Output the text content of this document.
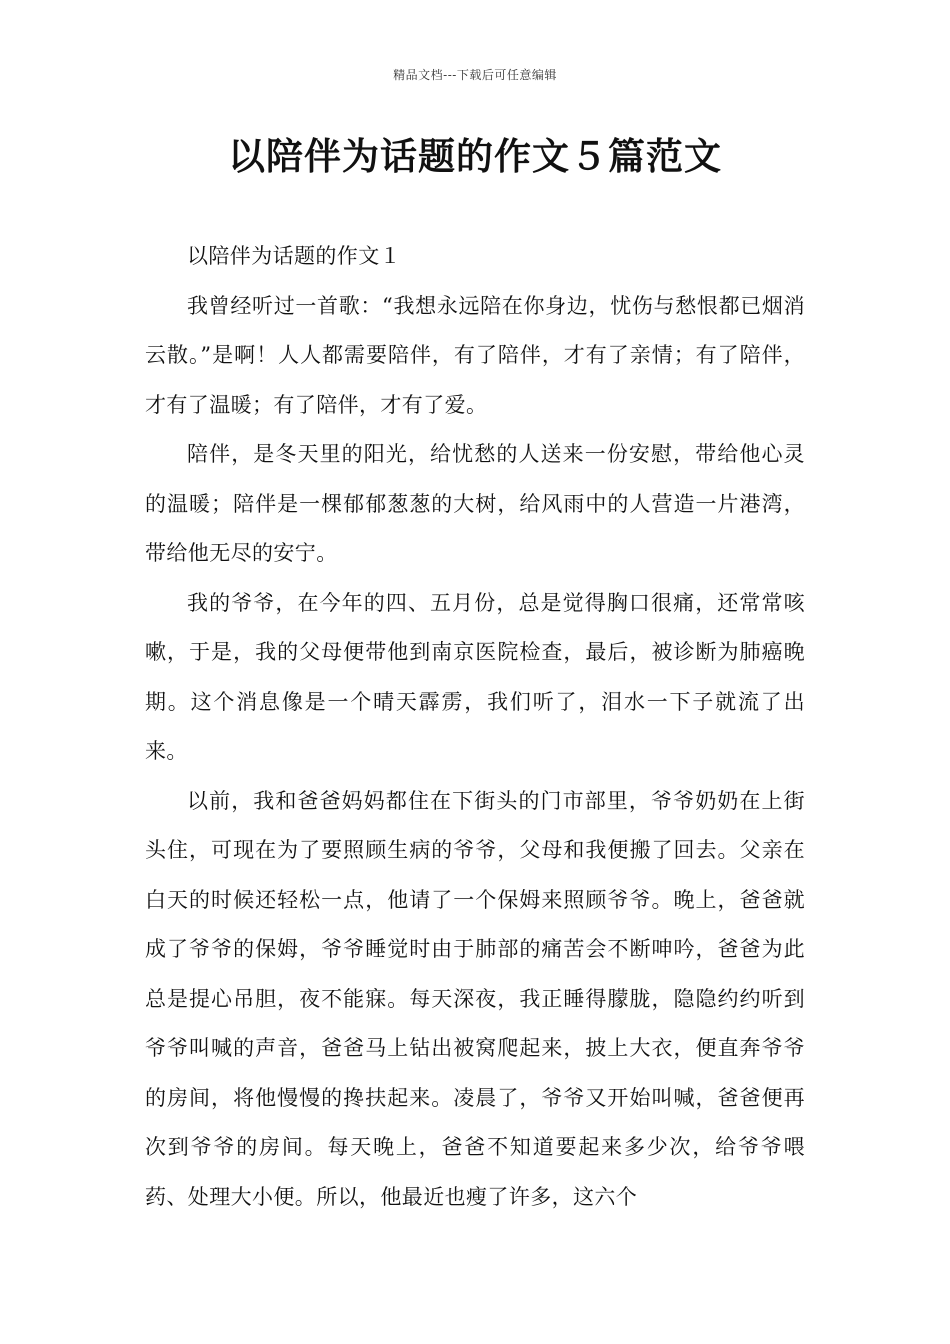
精品文档---下载后可任意编辑
以陪伴为话题的作文５篇范文
以陪伴为话题的作文１

我曾经听过一首歌：“我想永远陪在你身边，忧伤与愁恨都已烟消云散。”是啊！人人都需要陪伴，有了陪伴，才有了亲情；有了陪伴，才有了温暖；有了陪伴，才有了爱。

陪伴，是冬天里的阳光，给忧愁的人送来一份安慰，带给他心灵的温暖；陪伴是一棵郁郁葱葱的大树，给风雨中的人营造一片港湾，带给他无尽的安宁。

我的爷爷，在今年的四、五月份，总是觉得胸口很痛，还常常咳嗽，于是，我的父母便带他到南京医院检查，最后，被诊断为肺癌晚期。这个消息像是一个晴天霹雳，我们听了，泪水一下子就流了出来。

以前，我和爸爸妈妈都住在下街头的门市部里，爷爷奶奶在上街头住，可现在为了要照顾生病的爷爷，父母和我便搬了回去。父亲在白天的时候还轻松一点，他请了一个保姆来照顾爷爷。晚上，爸爸就成了爷爷的保姆，爷爷睡觉时由于肺部的痛苦会不断呻吟，爸爸为此总是提心吊胆，夜不能寐。每天深夜，我正睡得朦胧，隐隐约约听到爷爷叫喊的声音，爸爸马上钻出被窝爬起来，披上大衣，便直奔爷爷的房间，将他慢慢的搀扶起来。凌晨了，爷爷又开始叫喊，爸爸便再次到爷爷的房间。每天晚上，爸爸不知道要起来多少次，给爷爷喂药、处理大小便。所以，他最近也瘦了许多，这六个
